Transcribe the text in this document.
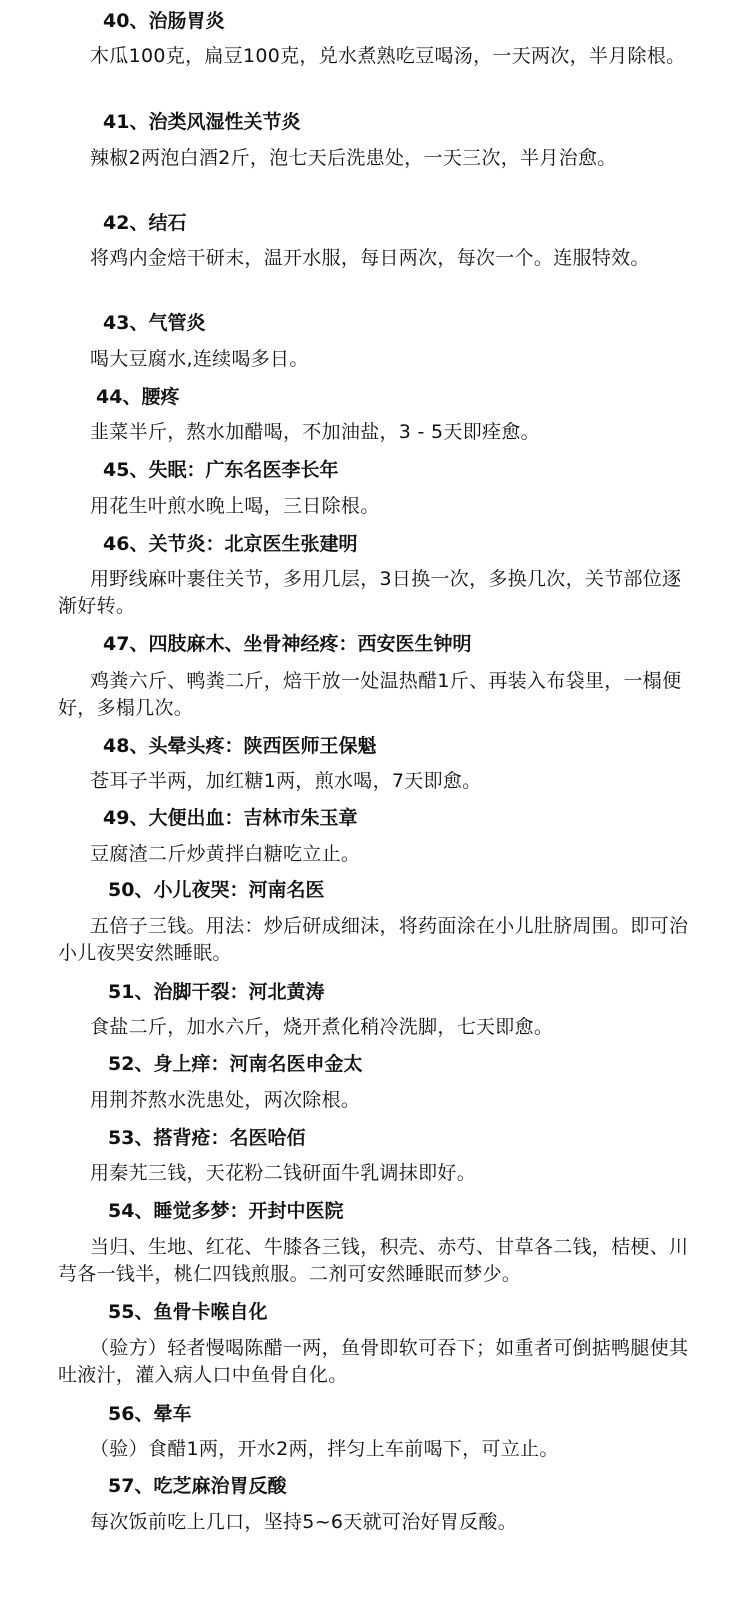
40、治肠胃炎
木瓜100克，扁豆100克，兑水煮熟吃豆喝汤，一天两次，半月除根。
41、治类风湿性关节炎
辣椒2两泡白酒2斤，泡七天后洗患处，一天三次，半月治愈。
42、结石
将鸡内金焙干研末，温开水服，每日两次，每次一个。连服特效。
43、气管炎
喝大豆腐水,连续喝多日。
44、腰疼
韭菜半斤，熬水加醋喝，不加油盐，3 - 5天即痊愈。
45、失眠：广东名医李长年
用花生叶煎水晚上喝，三日除根。
46、关节炎：北京医生张建明
用野线麻叶裹住关节，多用几层，3日换一次，多换几次，关节部位逐渐好转。
47、四肢麻木、坐骨神经疼：西安医生钟明
鸡粪六斤、鸭粪二斤，焙干放一处温热醋1斤、再装入布袋里，一榻便好，多榻几次。
48、头晕头疼：陕西医师王保魁
苍耳子半两，加红糖1两，煎水喝，7天即愈。
49、大便出血：吉林市朱玉章
豆腐渣二斤炒黄拌白糖吃立止。
50、小儿夜哭：河南名医
五倍子三钱。用法：炒后研成细沫，将药面涂在小儿肚脐周围。即可治小儿夜哭安然睡眠。
51、治脚干裂：河北黄涛
食盐二斤，加水六斤，烧开煮化稍冷洗脚，七天即愈。
52、身上痒：河南名医申金太
用荆芥熬水洗患处，两次除根。
53、搭背疮：名医哈佰
用秦艽三钱，天花粉二钱研面牛乳调抹即好。
54、睡觉多梦：开封中医院
当归、生地、红花、牛膝各三钱，积壳、赤芍、甘草各二钱，桔梗、川芎各一钱半，桃仁四钱煎服。二剂可安然睡眠而梦少。
55、鱼骨卡喉自化
（验方）轻者慢喝陈醋一两，鱼骨即软可吞下；如重者可倒掂鸭腿使其吐液汁，灌入病人口中鱼骨自化。
56、晕车
（验）食醋1两，开水2两，拌匀上车前喝下，可立止。
57、吃芝麻治胃反酸
每次饭前吃上几口，坚持5~6天就可治好胃反酸。
